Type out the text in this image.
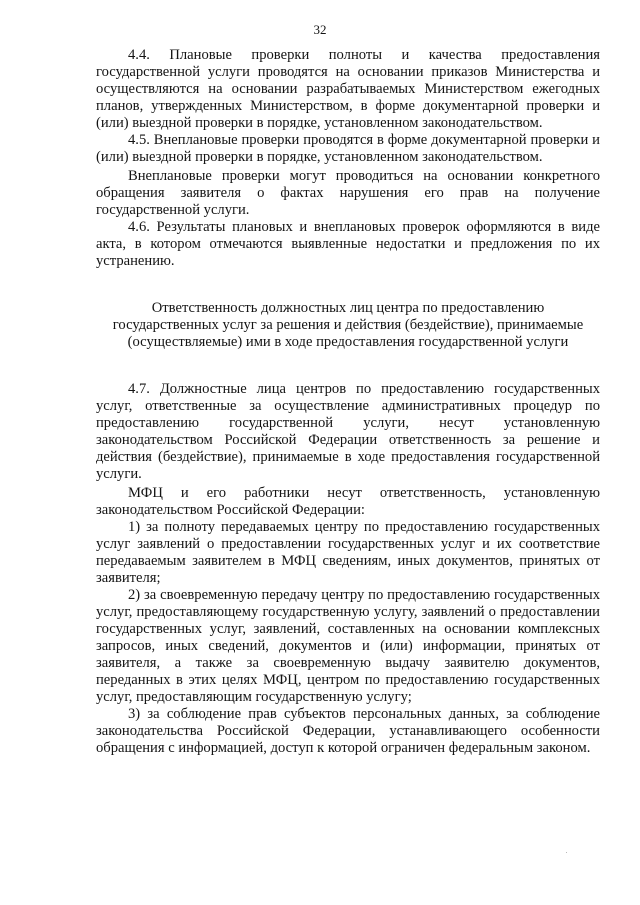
32

4.4. Плановые проверки полноты и качества предоставления государственной услуги проводятся на основании приказов Министерства и осуществляются на основании разрабатываемых Министерством ежегодных планов, утвержденных Министерством, в форме документарной проверки и (или) выездной проверки в порядке, установленном законодательством.

4.5. Внеплановые проверки проводятся в форме документарной проверки и (или) выездной проверки в порядке, установленном законодательством.

Внеплановые проверки могут проводиться на основании конкретного обращения заявителя о фактах нарушения его прав на получение государственной услуги.

4.6. Результаты плановых и внеплановых проверок оформляются в виде акта, в котором отмечаются выявленные недостатки и предложения по их устранению.

Ответственность должностных лиц центра по предоставлению
государственных услуг за решения и действия (бездействие), принимаемые
(осуществляемые) ими в ходе предоставления государственной услуги

4.7. Должностные лица центров по предоставлению государственных услуг, ответственные за осуществление административных процедур по предоставлению государственной услуги, несут установленную законодательством Российской Федерации ответственность за решение и действия (бездействие), принимаемые в ходе предоставления государственной услуги.

МФЦ и его работники несут ответственность, установленную законодательством Российской Федерации:

1) за полноту передаваемых центру по предоставлению государственных услуг заявлений о предоставлении государственных услуг и их соответствие передаваемым заявителем в МФЦ сведениям, иных документов, принятых от заявителя;

2) за своевременную передачу центру по предоставлению государственных услуг, предоставляющему государственную услугу, заявлений о предоставлении государственных услуг, заявлений, составленных на основании комплексных запросов, иных сведений, документов и (или) информации, принятых от заявителя, а также за своевременную выдачу заявителю документов, переданных в этих целях МФЦ, центром по предоставлению государственных услуг, предоставляющим государственную услугу;

3) за соблюдение прав субъектов персональных данных, за соблюдение законодательства Российской Федерации, устанавливающего особенности обращения с информацией, доступ к которой ограничен федеральным законом.
